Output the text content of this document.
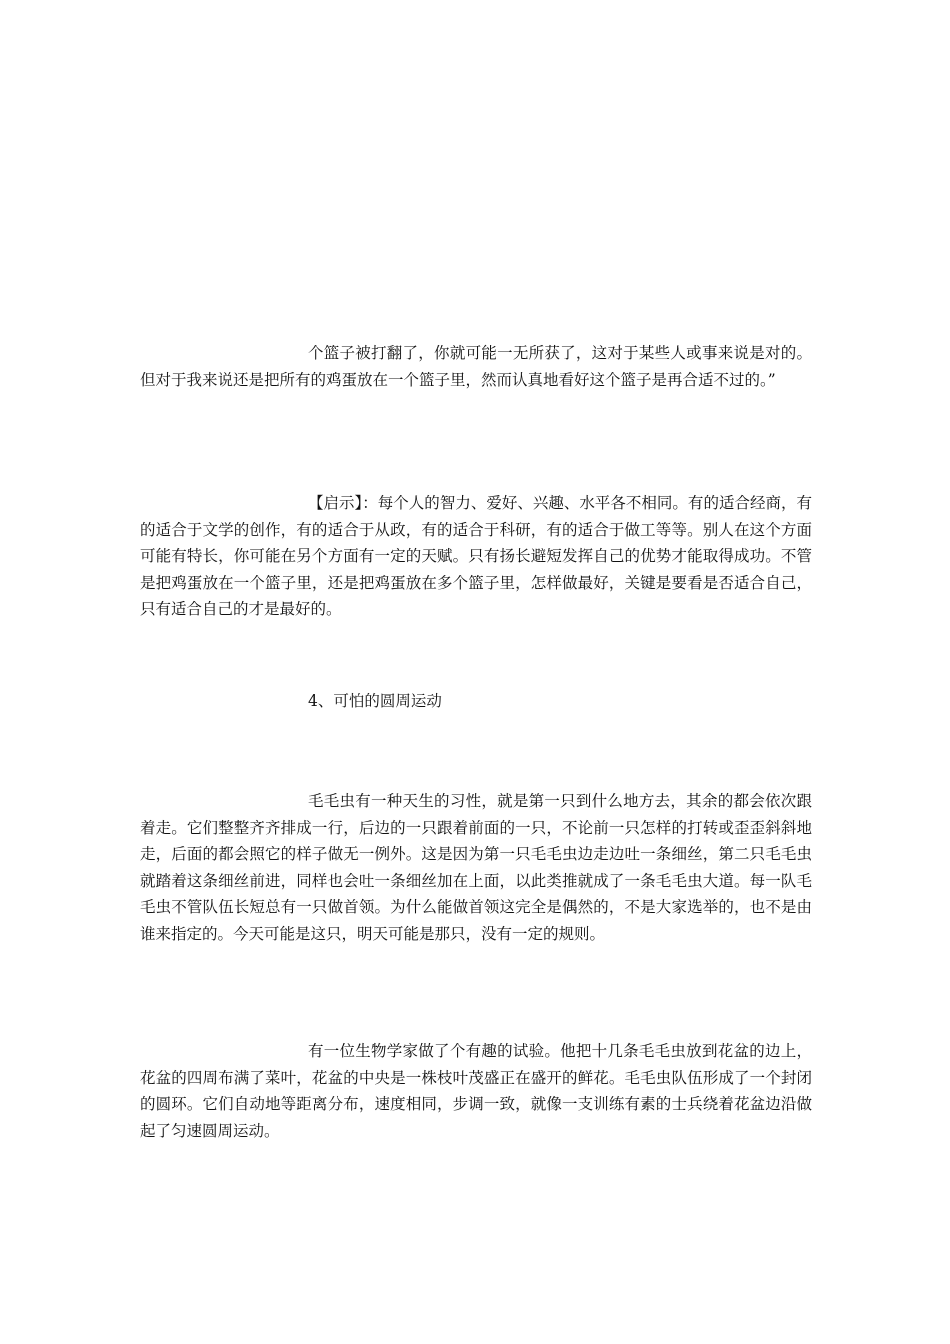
个篮子被打翻了，你就可能一无所获了，这对于某些人或事来说是对的。但对于我来说还是把所有的鸡蛋放在一个篮子里，然而认真地看好这个篮子是再合适不过的。”

【启示】：每个人的智力、爱好、兴趣、水平各不相同。有的适合经商，有的适合于文学的创作，有的适合于从政，有的适合于科研，有的适合于做工等等。别人在这个方面可能有特长，你可能在另个方面有一定的天赋。只有扬长避短发挥自己的优势才能取得成功。不管是把鸡蛋放在一个篮子里，还是把鸡蛋放在多个篮子里，怎样做最好，关键是要看是否适合自己，只有适合自己的才是最好的。

4、可怕的圆周运动

毛毛虫有一种天生的习性，就是第一只到什么地方去，其余的都会依次跟着走。它们整整齐齐排成一行，后边的一只跟着前面的一只，不论前一只怎样的打转或歪歪斜斜地走，后面的都会照它的样子做无一例外。这是因为第一只毛毛虫边走边吐一条细丝，第二只毛毛虫就踏着这条细丝前进，同样也会吐一条细丝加在上面，以此类推就成了一条毛毛虫大道。每一队毛毛虫不管队伍长短总有一只做首领。为什么能做首领这完全是偶然的，不是大家选举的，也不是由谁来指定的。今天可能是这只，明天可能是那只，没有一定的规则。

有一位生物学家做了个有趣的试验。他把十几条毛毛虫放到花盆的边上，花盆的四周布满了菜叶，花盆的中央是一株枝叶茂盛正在盛开的鲜花。毛毛虫队伍形成了一个封闭的圆环。它们自动地等距离分布，速度相同，步调一致，就像一支训练有素的士兵绕着花盆边沿做起了匀速圆周运动。
